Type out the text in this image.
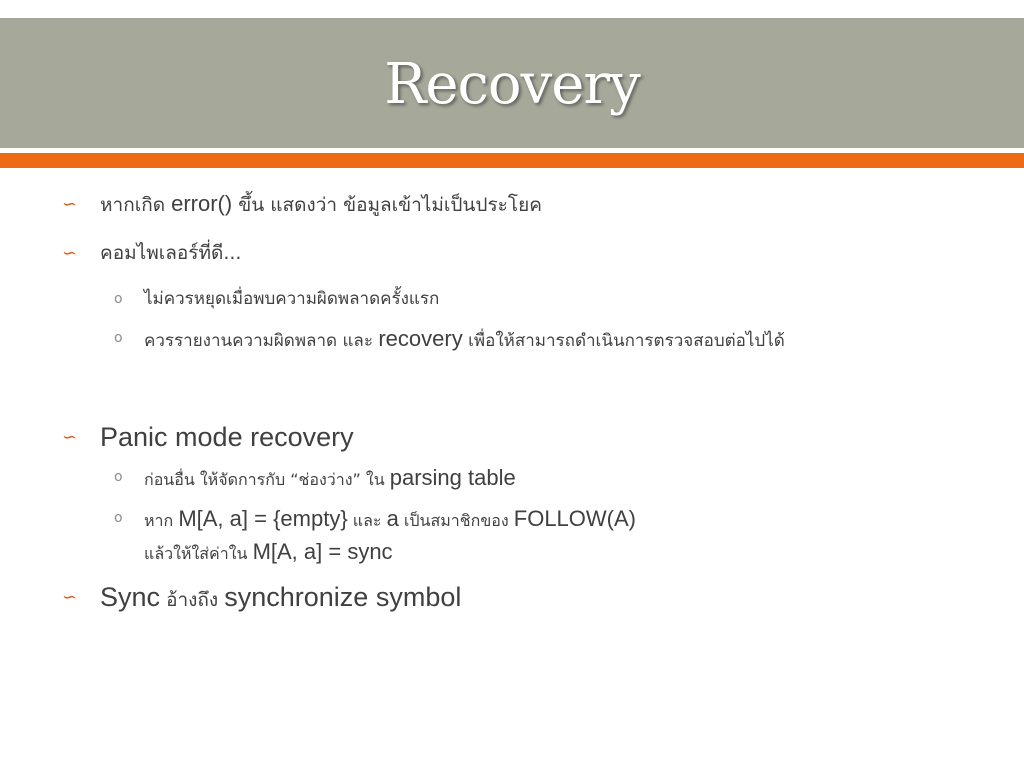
Recovery
∽ หากเกิด error() ขึ้น แสดงว่า ข้อมูลเข้าไม่เป็นประโยค
∽ คอมไพเลอร์ที่ดี...
o ไม่ควรหยุดเมื่อพบความผิดพลาดครั้งแรก
o ควรรายงานความผิดพลาด และ recovery เพื่อให้สามารถดำเนินการตรวจสอบต่อไปได้
∽ Panic mode recovery
o ก่อนอื่น ให้จัดการกับ “ช่องว่าง” ใน parsing table
o หาก M[A, a] = {empty} และ a เป็นสมาชิกของ FOLLOW(A)
แล้วให้ใส่ค่าใน M[A, a] = sync
∽ Sync อ้างถึง synchronize symbol
